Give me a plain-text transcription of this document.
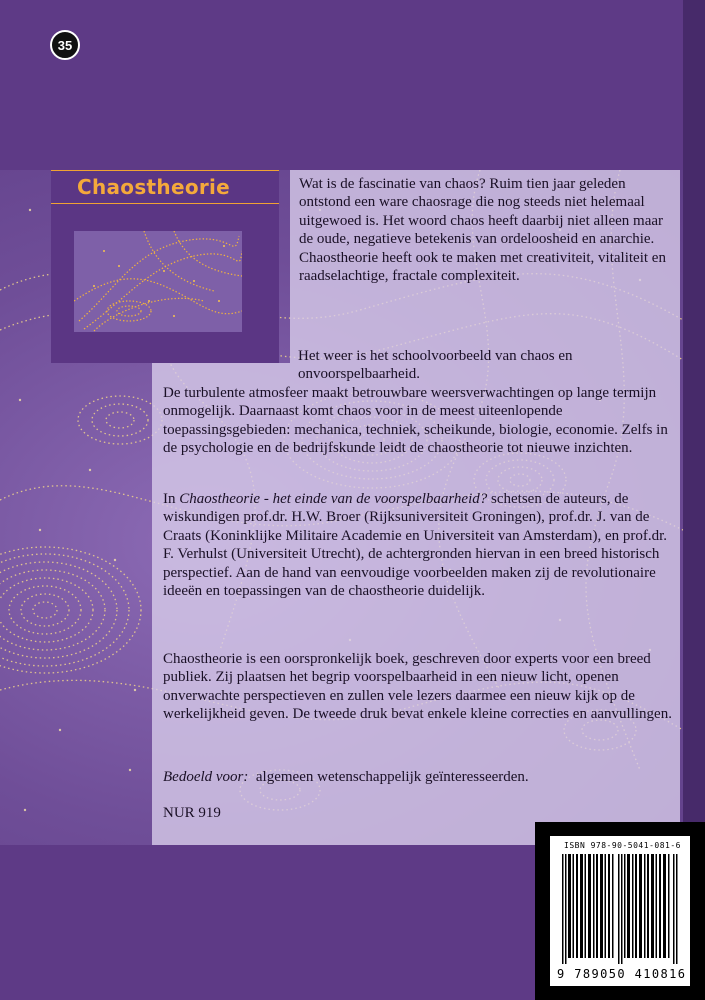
35
Chaostheorie	Wat is de fascinatie van chaos? Ruim tien jaar geleden ontstond een ware chaosrage die nog steeds niet helemaal uitgewoed is. Het woord chaos heeft daarbij niet alleen maar de oude, negatieve betekenis van ordeloosheid en anarchie. Chaostheorie heeft ook te maken met creativiteit, vitaliteit en raadselachtige, fractale complexiteit.

Het weer is het schoolvoorbeeld van chaos en onvoorspelbaarheid.
De turbulente atmosfeer maakt betrouwbare weersverwachtingen op lange termijn onmogelijk. Daarnaast komt chaos voor in de meest uiteenlopende toepassingsgebieden: mechanica, techniek, scheikunde, biologie, economie. Zelfs in de psychologie en de bedrijfskunde leidt de chaostheorie tot nieuwe inzichten.

In Chaostheorie - het einde van de voorspelbaarheid? schetsen de auteurs, de wiskundigen prof.dr. H.W. Broer (Rijksuniversiteit Groningen), prof.dr. J. van de Craats (Koninklijke Militaire Academie en Universiteit van Amsterdam), en prof.dr. F. Verhulst (Universiteit Utrecht), de achtergronden hiervan in een breed historisch perspectief. Aan de hand van eenvoudige voorbeelden maken zij de revolutionaire ideeën en toepassingen van de chaostheorie duidelijk.

Chaostheorie is een oorspronkelijk boek, geschreven door experts voor een breed publiek. Zij plaatsen het begrip voorspelbaarheid in een nieuw licht, openen onverwachte perspectieven en zullen vele lezers daarmee een nieuw kijk op de werkelijkheid geven. De tweede druk bevat enkele kleine correcties en aanvullingen.

Bedoeld voor: algemeen wetenschappelijk geïnteresseerden.

NUR 919

ISBN 978-90-5041-081-6
9 789050 410816 >
